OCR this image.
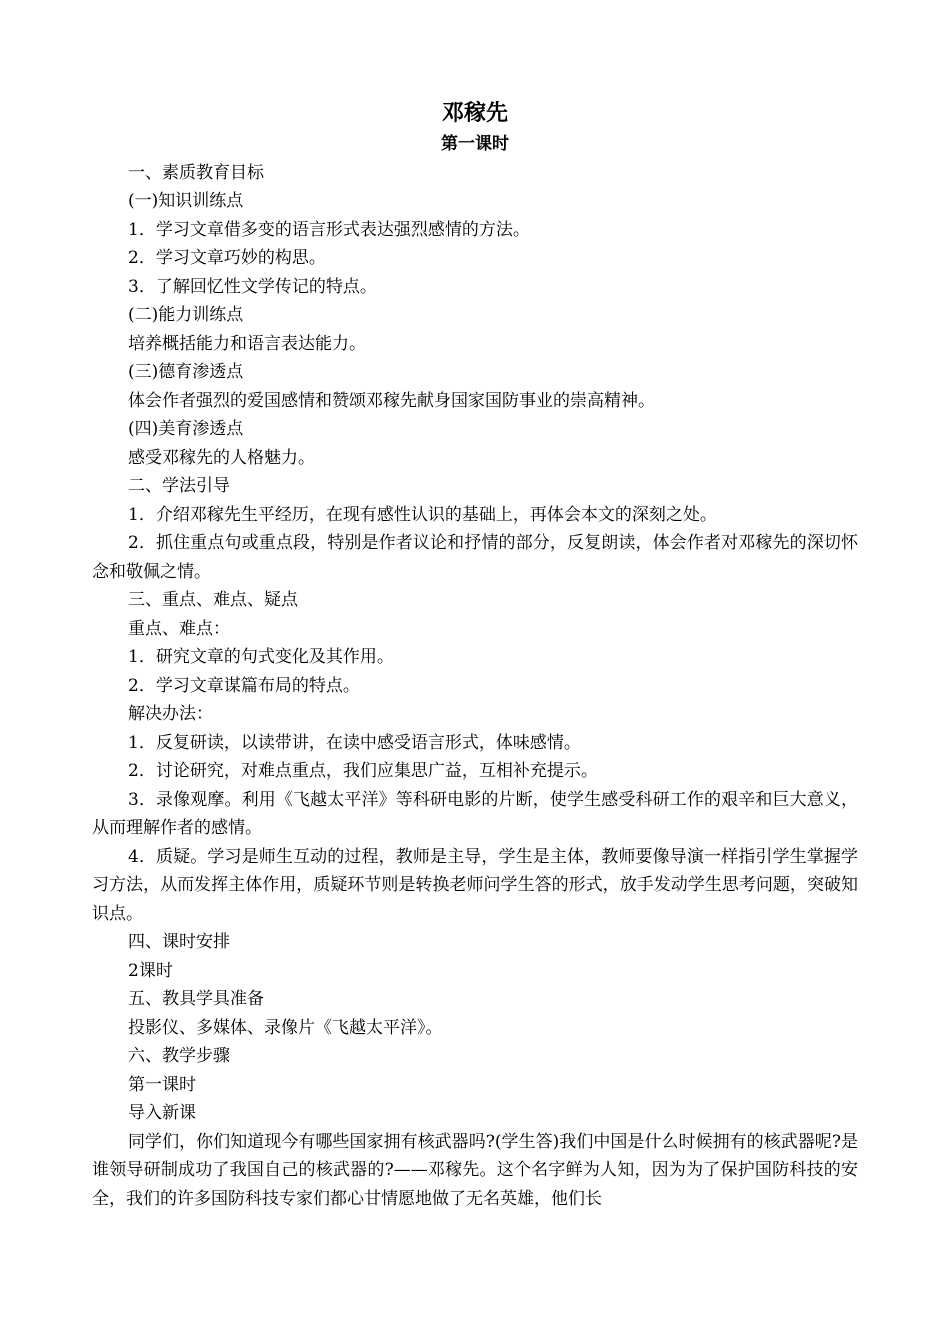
邓稼先
第一课时

一、素质教育目标

(一)知识训练点

1．学习文章借多变的语言形式表达强烈感情的方法。

2．学习文章巧妙的构思。

3．了解回忆性文学传记的特点。

(二)能力训练点

培养概括能力和语言表达能力。

(三)德育渗透点

体会作者强烈的爱国感情和赞颂邓稼先献身国家国防事业的崇高精神。

(四)美育渗透点

感受邓稼先的人格魅力。

二、学法引导

1．介绍邓稼先生平经历，在现有感性认识的基础上，再体会本文的深刻之处。

2．抓住重点句或重点段，特别是作者议论和抒情的部分，反复朗读，体会作者对邓稼先的深切怀念和敬佩之情。

三、重点、难点、疑点

重点、难点：

1．研究文章的句式变化及其作用。

2．学习文章谋篇布局的特点。

解决办法：

1．反复研读，以读带讲，在读中感受语言形式，体味感情。

2．讨论研究，对难点重点，我们应集思广益，互相补充提示。

3．录像观摩。利用《飞越太平洋》等科研电影的片断，使学生感受科研工作的艰辛和巨大意义，从而理解作者的感情。

4．质疑。学习是师生互动的过程，教师是主导，学生是主体，教师要像导演一样指引学生掌握学习方法，从而发挥主体作用，质疑环节则是转换老师问学生答的形式，放手发动学生思考问题，突破知识点。

四、课时安排

2课时

五、教具学具准备

投影仪、多媒体、录像片《飞越太平洋》。

六、教学步骤

第一课时

导入新课

同学们，你们知道现今有哪些国家拥有核武器吗?(学生答)我们中国是什么时候拥有的核武器呢?是谁领导研制成功了我国自己的核武器的?——邓稼先。这个名字鲜为人知，因为为了保护国防科技的安全，我们的许多国防科技专家们都心甘情愿地做了无名英雄，他们长
